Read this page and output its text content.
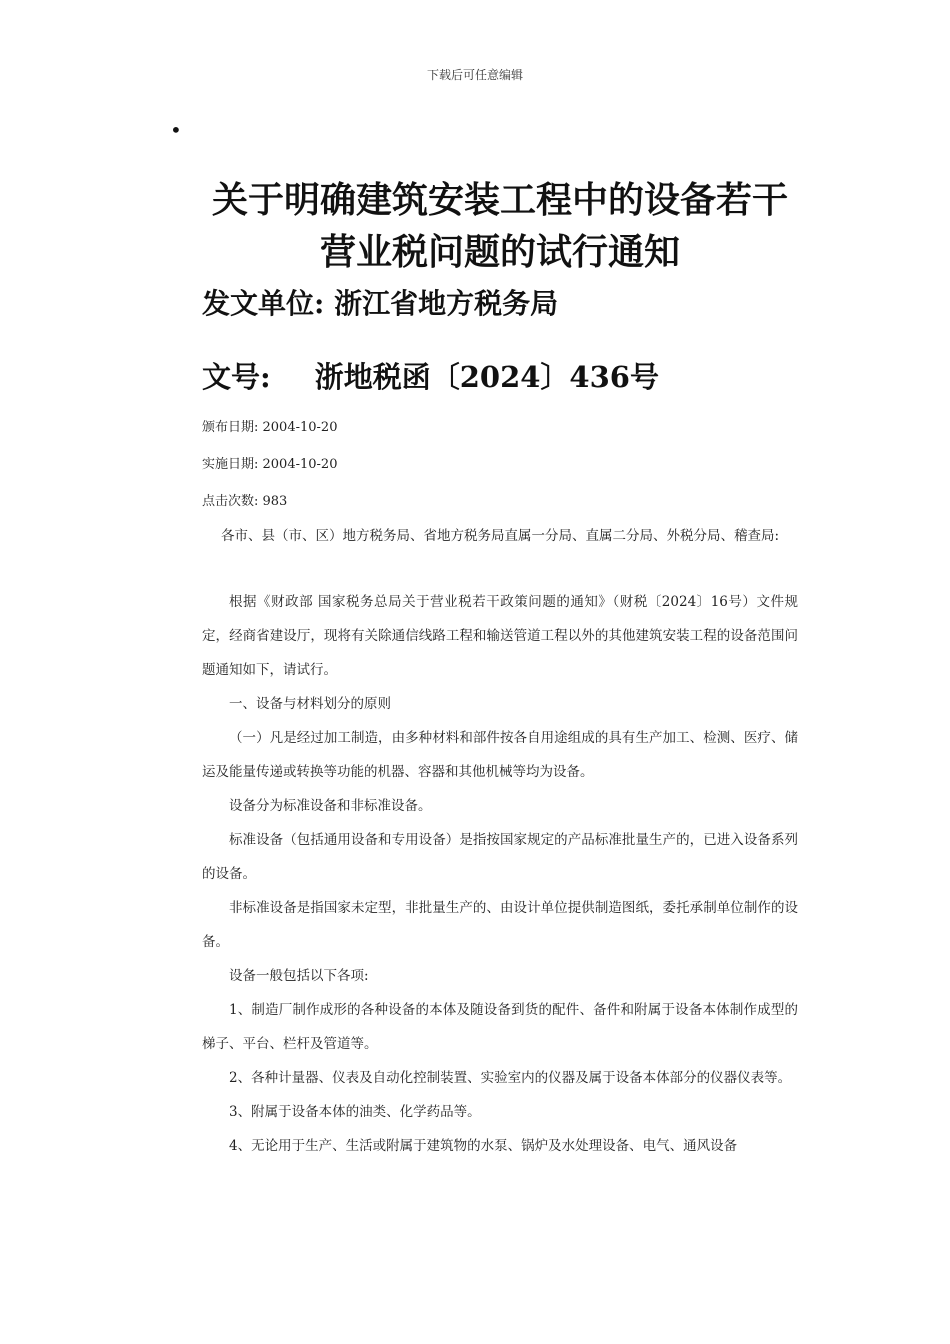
下载后可任意编辑
•
关于明确建筑安装工程中的设备若干
营业税问题的试行通知
发文单位: 浙江省地方税务局
文号: 浙地税函〔2024〕436号
颁布日期: 2004-10-20
实施日期: 2004-10-20
点击次数: 983
各市、县（市、区）地方税务局、省地方税务局直属一分局、直属二分局、外税分局、稽查局:

根据《财政部 国家税务总局关于营业税若干政策问题的通知》（财税〔2024〕16号）文件规定，经商省建设厅，现将有关除通信线路工程和输送管道工程以外的其他建筑安装工程的设备范围问题通知如下，请试行。

一、设备与材料划分的原则

（一）凡是经过加工制造，由多种材料和部件按各自用途组成的具有生产加工、检测、医疗、储运及能量传递或转换等功能的机器、容器和其他机械等均为设备。

设备分为标准设备和非标准设备。

标准设备（包括通用设备和专用设备）是指按国家规定的产品标准批量生产的，已进入设备系列的设备。

非标准设备是指国家未定型，非批量生产的、由设计单位提供制造图纸，委托承制单位制作的设备。

设备一般包括以下各项:

1、制造厂制作成形的各种设备的本体及随设备到货的配件、备件和附属于设备本体制作成型的梯子、平台、栏杆及管道等。

2、各种计量器、仪表及自动化控制装置、实验室内的仪器及属于设备本体部分的仪器仪表等。

3、附属于设备本体的油类、化学药品等。

4、无论用于生产、生活或附属于建筑物的水泵、锅炉及水处理设备、电气、通风设备
